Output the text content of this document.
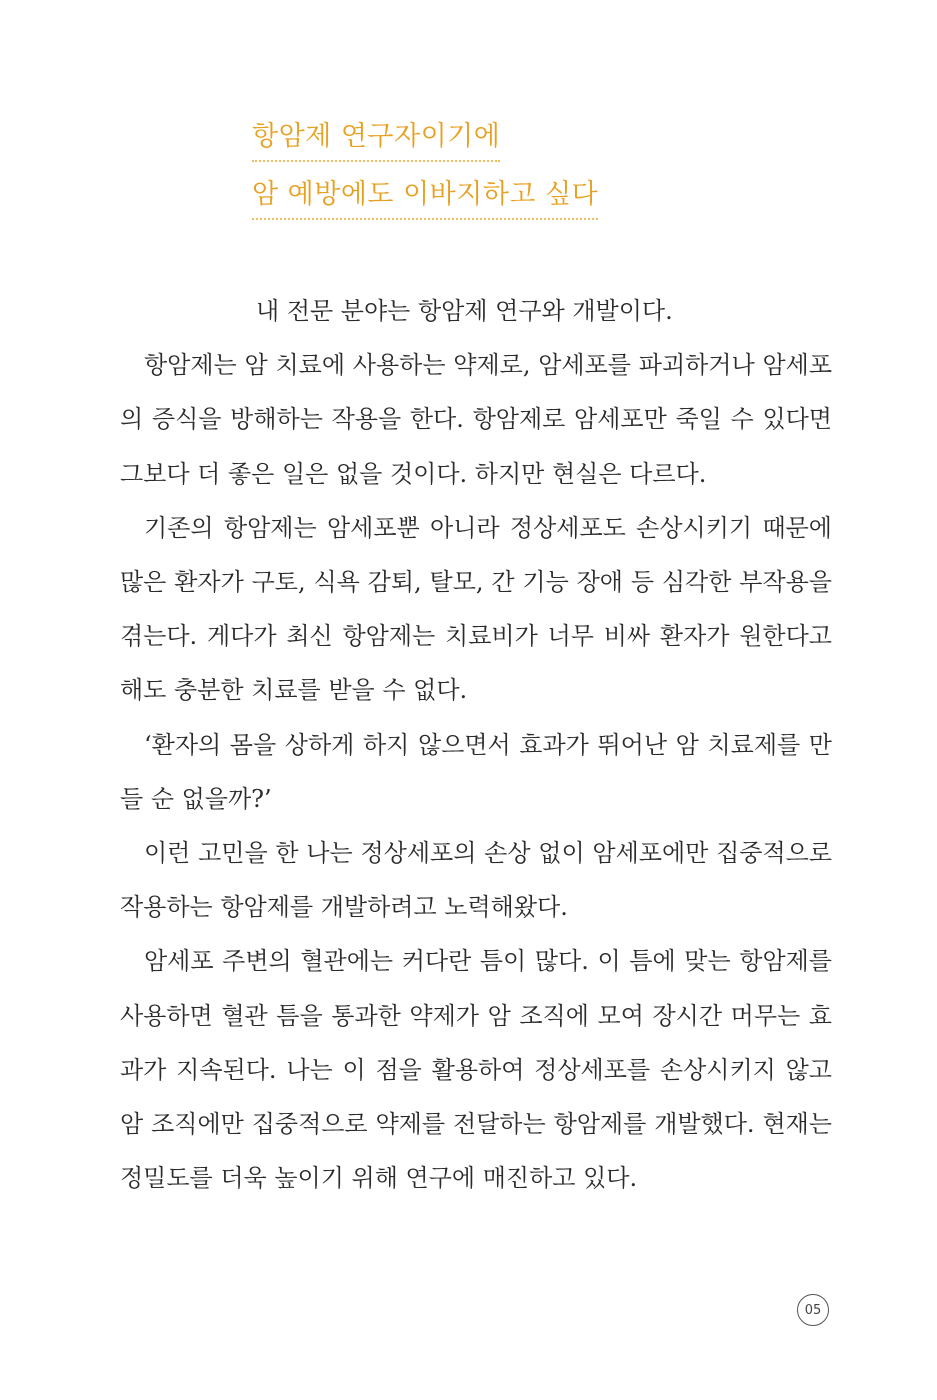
항암제 연구자이기에
암 예방에도 이바지하고 싶다

내 전문 분야는 항암제 연구와 개발이다.

항암제는 암 치료에 사용하는 약제로, 암세포를 파괴하거나 암세포의 증식을 방해하는 작용을 한다. 항암제로 암세포만 죽일 수 있다면 그보다 더 좋은 일은 없을 것이다. 하지만 현실은 다르다.

기존의 항암제는 암세포뿐 아니라 정상세포도 손상시키기 때문에 많은 환자가 구토, 식욕 감퇴, 탈모, 간 기능 장애 등 심각한 부작용을 겪는다. 게다가 최신 항암제는 치료비가 너무 비싸 환자가 원한다고 해도 충분한 치료를 받을 수 없다.

‘환자의 몸을 상하게 하지 않으면서 효과가 뛰어난 암 치료제를 만들 순 없을까?’

이런 고민을 한 나는 정상세포의 손상 없이 암세포에만 집중적으로 작용하는 항암제를 개발하려고 노력해왔다.

암세포 주변의 혈관에는 커다란 틈이 많다. 이 틈에 맞는 항암제를 사용하면 혈관 틈을 통과한 약제가 암 조직에 모여 장시간 머무는 효과가 지속된다. 나는 이 점을 활용하여 정상세포를 손상시키지 않고 암 조직에만 집중적으로 약제를 전달하는 항암제를 개발했다. 현재는 정밀도를 더욱 높이기 위해 연구에 매진하고 있다.

05
